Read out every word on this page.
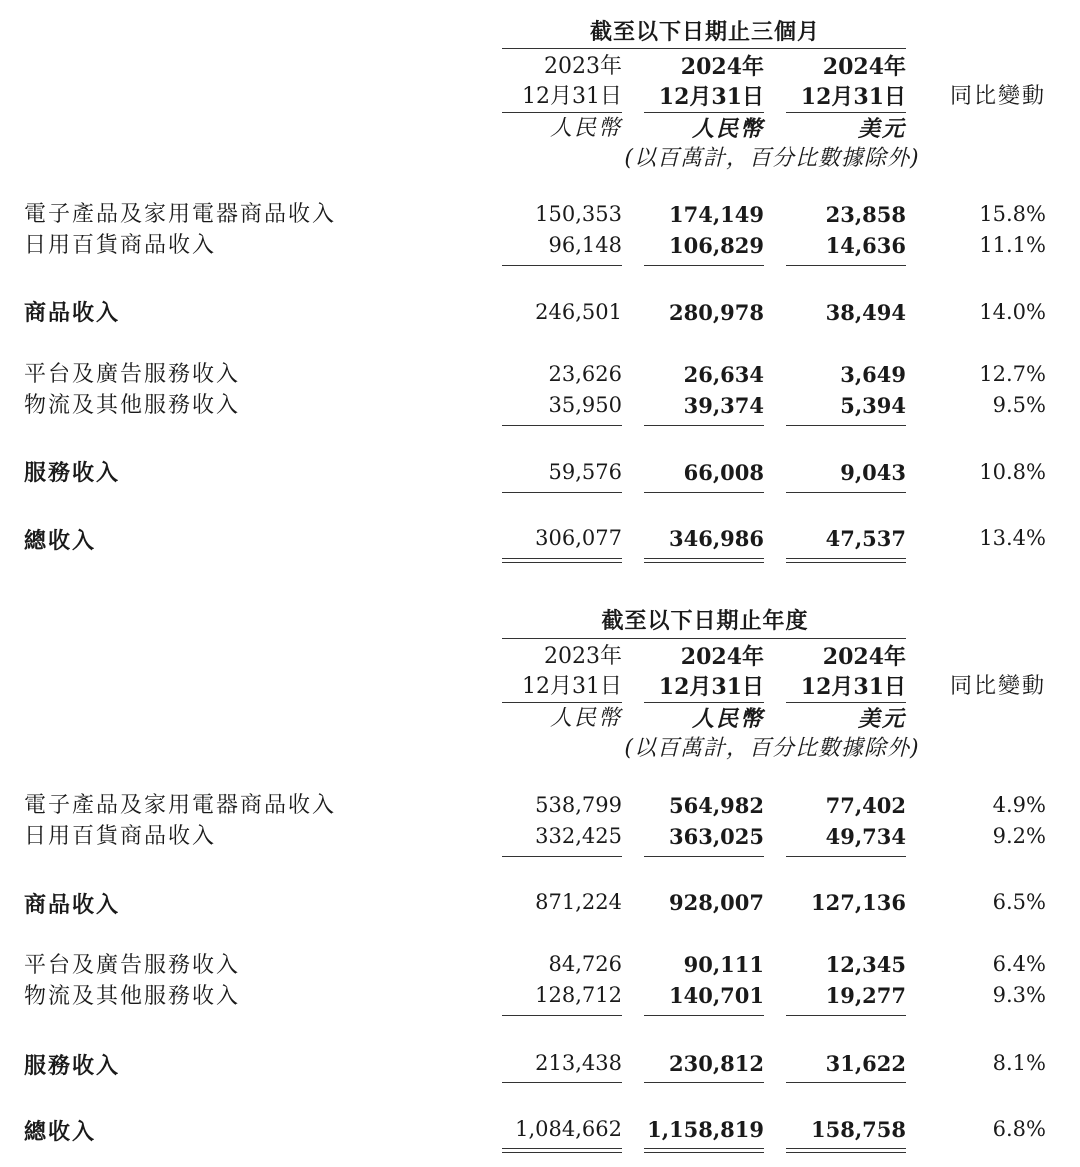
截至以下日期止三個月
2023年	2024年	2024年
12月31日	12月31日	12月31日	同比變動
人民幣	人民幣	美元
(以百萬計，百分比數據除外)
電子產品及家用電器商品收入	150,353	174,149	23,858	15.8%
日用百貨商品收入	96,148	106,829	14,636	11.1%
商品收入	246,501	280,978	38,494	14.0%
平台及廣告服務收入	23,626	26,634	3,649	12.7%
物流及其他服務收入	35,950	39,374	5,394	9.5%
服務收入	59,576	66,008	9,043	10.8%
總收入	306,077	346,986	47,537	13.4%
截至以下日期止年度
2023年	2024年	2024年
12月31日	12月31日	12月31日	同比變動
人民幣	人民幣	美元
(以百萬計，百分比數據除外)
電子產品及家用電器商品收入	538,799	564,982	77,402	4.9%
日用百貨商品收入	332,425	363,025	49,734	9.2%
商品收入	871,224	928,007	127,136	6.5%
平台及廣告服務收入	84,726	90,111	12,345	6.4%
物流及其他服務收入	128,712	140,701	19,277	9.3%
服務收入	213,438	230,812	31,622	8.1%
總收入	1,084,662	1,158,819	158,758	6.8%
